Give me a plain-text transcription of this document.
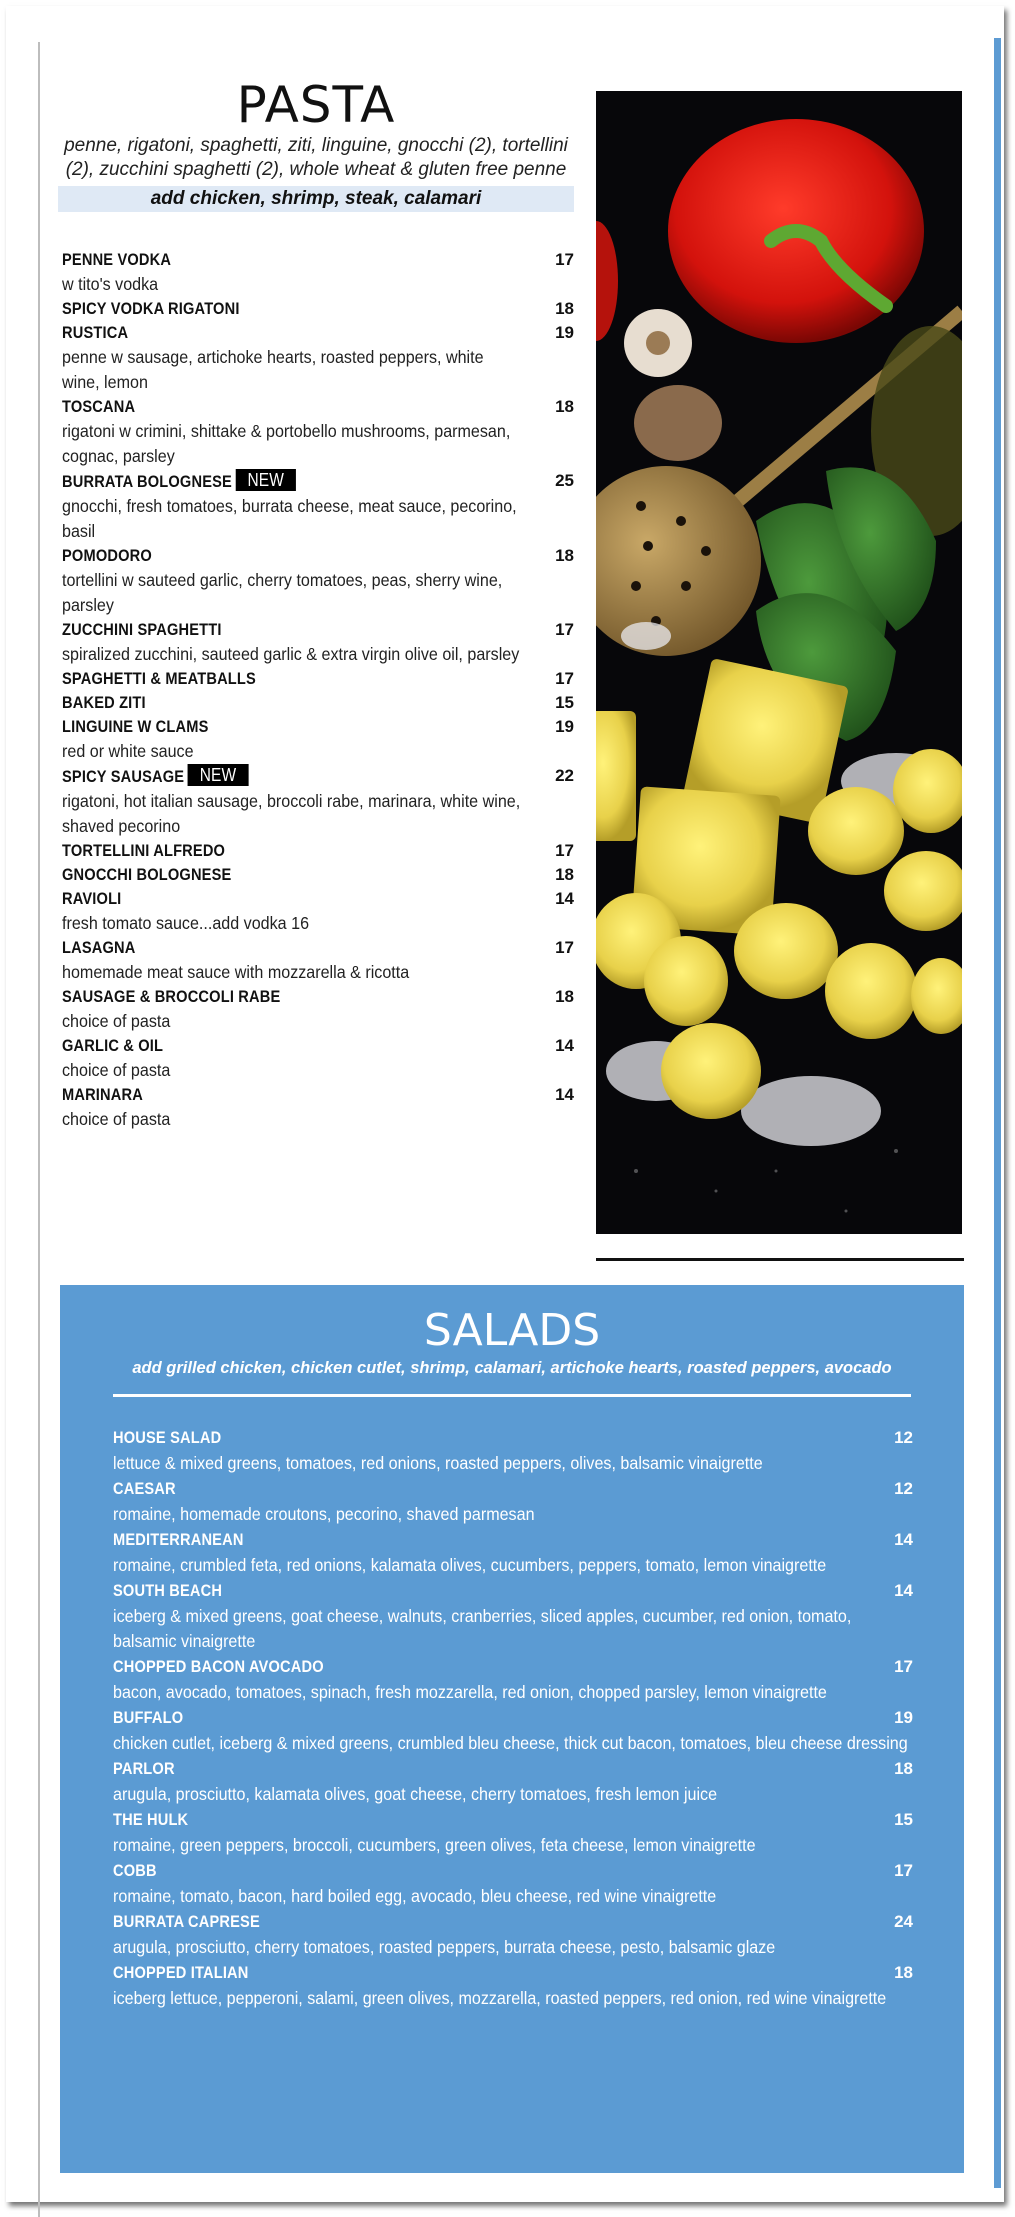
PASTA
penne, rigatoni, spaghetti, ziti, linguine, gnocchi (2), tortellini (2), zucchini spaghetti (2), whole wheat & gluten free penne
add chicken, shrimp, steak, calamari
PENNE VODKA	17
w tito's vodka
SPICY VODKA RIGATONI	18
RUSTICA	19
penne w sausage, artichoke hearts, roasted peppers, white wine, lemon
TOSCANA	18
rigatoni w crimini, shittake & portobello mushrooms, parmesan, cognac, parsley
BURRATA BOLOGNESE NEW	25
gnocchi, fresh tomatoes, burrata cheese, meat sauce, pecorino, basil
POMODORO	18
tortellini w sauteed garlic, cherry tomatoes, peas, sherry wine, parsley
ZUCCHINI SPAGHETTI	17
spiralized zucchini, sauteed garlic & extra virgin olive oil, parsley
SPAGHETTI & MEATBALLS	17
BAKED ZITI	15
LINGUINE W CLAMS	19
red or white sauce
SPICY SAUSAGE NEW	22
rigatoni, hot italian sausage, broccoli rabe, marinara, white wine, shaved pecorino
TORTELLINI ALFREDO	17
GNOCCHI BOLOGNESE	18
RAVIOLI	14
fresh tomato sauce...add vodka 16
LASAGNA	17
homemade meat sauce with mozzarella & ricotta
SAUSAGE & BROCCOLI RABE	18
choice of pasta
GARLIC & OIL	14
choice of pasta
MARINARA	14
choice of pasta
SALADS
add grilled chicken, chicken cutlet, shrimp, calamari, artichoke hearts, roasted peppers, avocado
HOUSE SALAD	12
lettuce & mixed greens, tomatoes, red onions, roasted peppers, olives, balsamic vinaigrette
CAESAR	12
romaine, homemade croutons, pecorino, shaved parmesan
MEDITERRANEAN	14
romaine, crumbled feta, red onions, kalamata olives, cucumbers, peppers, tomato, lemon vinaigrette
SOUTH BEACH	14
iceberg & mixed greens, goat cheese, walnuts, cranberries, sliced apples, cucumber, red onion, tomato, balsamic vinaigrette
CHOPPED BACON AVOCADO	17
bacon, avocado, tomatoes, spinach, fresh mozzarella, red onion, chopped parsley, lemon vinaigrette
BUFFALO	19
chicken cutlet, iceberg & mixed greens, crumbled bleu cheese, thick cut bacon, tomatoes, bleu cheese dressing
PARLOR	18
arugula, prosciutto, kalamata olives, goat cheese, cherry tomatoes, fresh lemon juice
THE HULK	15
romaine, green peppers, broccoli, cucumbers, green olives, feta cheese, lemon vinaigrette
COBB	17
romaine, tomato, bacon, hard boiled egg, avocado, bleu cheese, red wine vinaigrette
BURRATA CAPRESE	24
arugula, prosciutto, cherry tomatoes, roasted peppers, burrata cheese, pesto, balsamic glaze
CHOPPED ITALIAN	18
iceberg lettuce, pepperoni, salami, green olives, mozzarella, roasted peppers, red onion, red wine vinaigrette
